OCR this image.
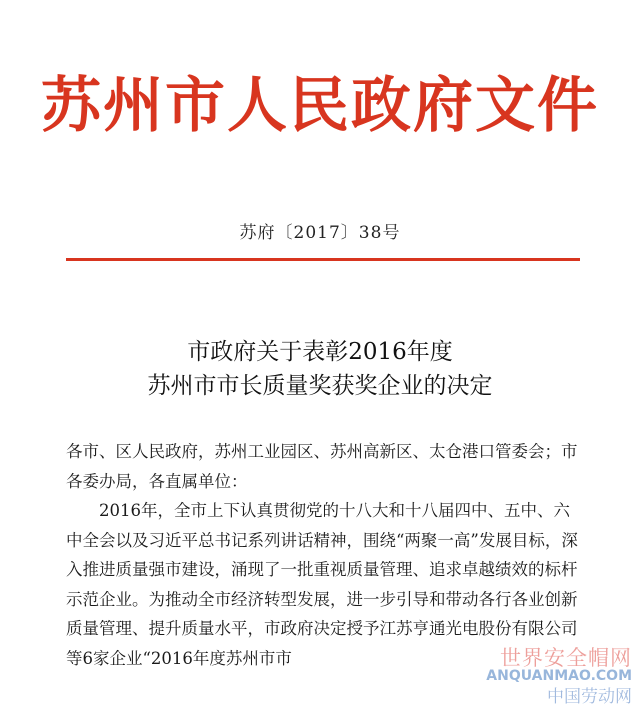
苏州市人民政府文件
苏府〔2017〕38号
市政府关于表彰2016年度
苏州市市长质量奖获奖企业的决定

各市、区人民政府，苏州工业园区、苏州高新区、太仓港口管委会；市各委办局，各直属单位：

2016年，全市上下认真贯彻党的十八大和十八届四中、五中、六中全会以及习近平总书记系列讲话精神，围绕“两聚一高”发展目标，深入推进质量强市建设，涌现了一批重视质量管理、追求卓越绩效的标杆示范企业。为推动全市经济转型发展，进一步引导和带动各行各业创新质量管理、提升质量水平，市政府决定授予江苏亨通光电股份有限公司等6家企业“2016年度苏州市市	世界安全帽网
ANQUANMAO.COM
中国劳动网
